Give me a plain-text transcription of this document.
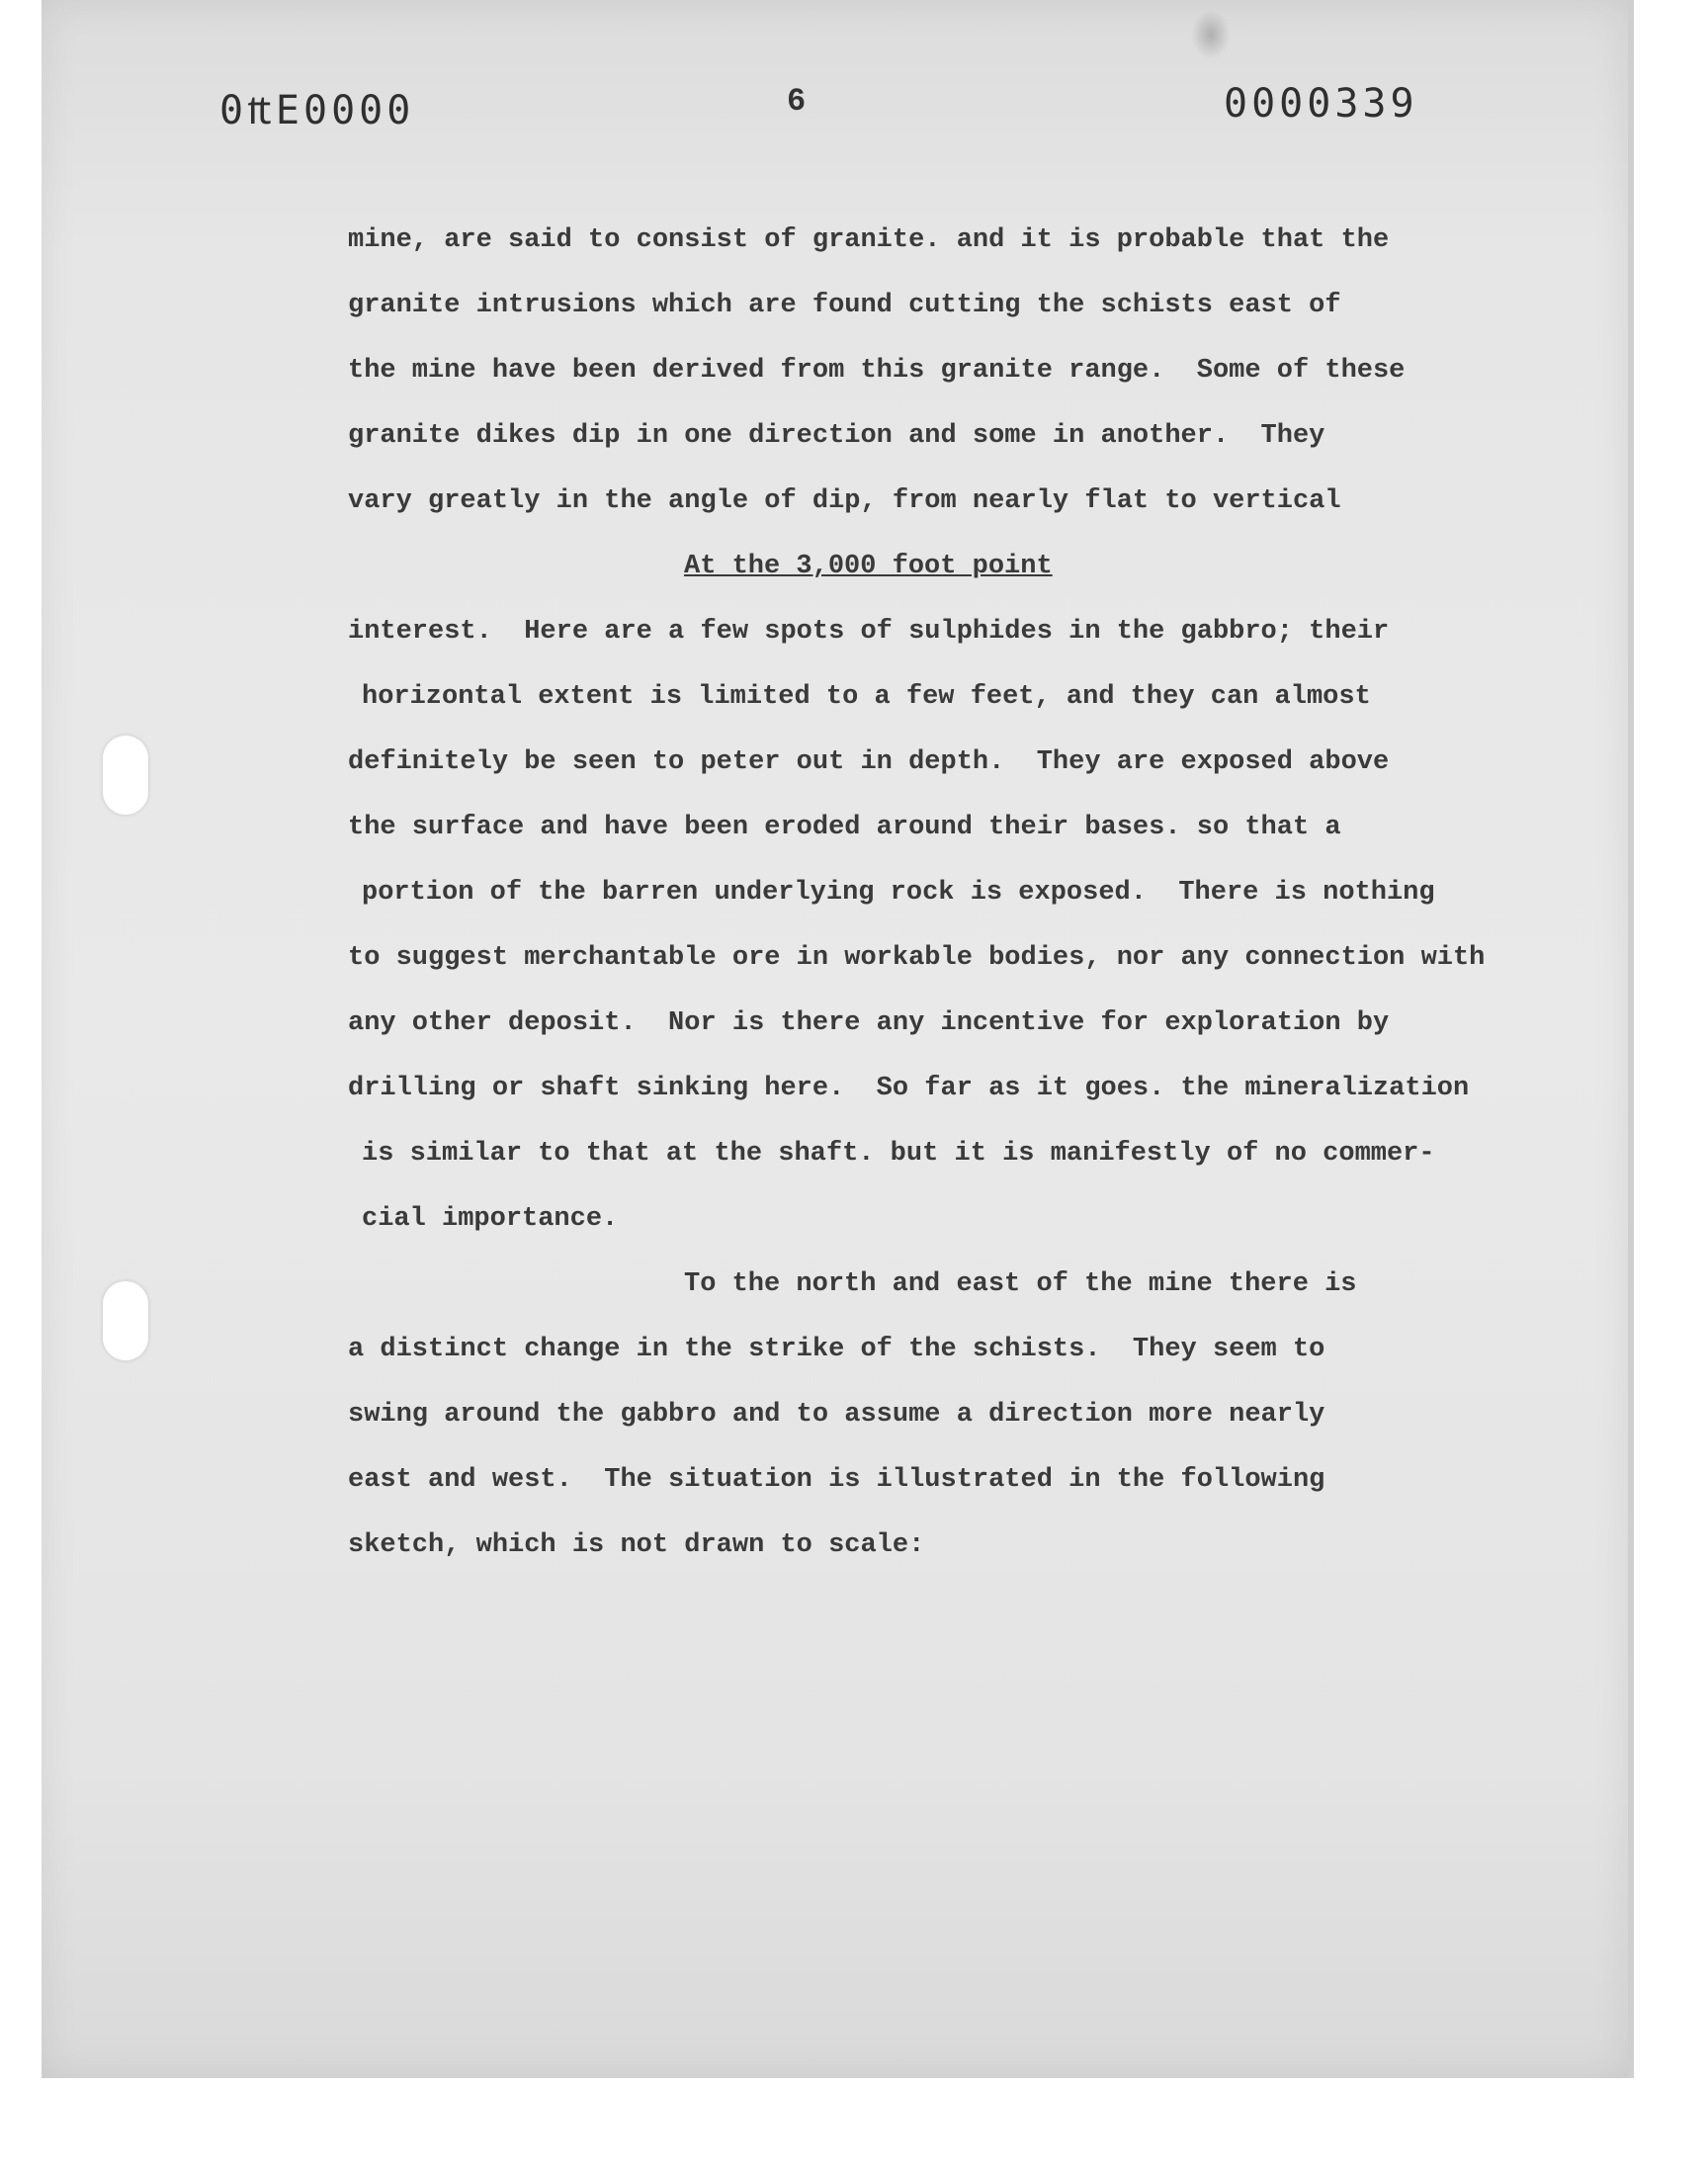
0₶E0000	6	0000339
mine, are said to consist of granite. and it is probable that the
granite intrusions which are found cutting the schists east of
the mine have been derived from this granite range.  Some of these
granite dikes dip in one direction and some in another.  They
vary greatly in the angle of dip, from nearly flat to vertical
At the 3,000 foot point
interest.  Here are a few spots of sulphides in the gabbro; their
horizontal extent is limited to a few feet, and they can almost
definitely be seen to peter out in depth.  They are exposed above
the surface and have been eroded around their bases. so that a
portion of the barren underlying rock is exposed.  There is nothing
to suggest merchantable ore in workable bodies, nor any connection with
any other deposit.  Nor is there any incentive for exploration by
drilling or shaft sinking here.  So far as it goes. the mineralization
is similar to that at the shaft. but it is manifestly of no commer-
cial importance.
To the north and east of the mine there is
a distinct change in the strike of the schists.  They seem to
swing around the gabbro and to assume a direction more nearly
east and west.  The situation is illustrated in the following
sketch, which is not drawn to scale:
